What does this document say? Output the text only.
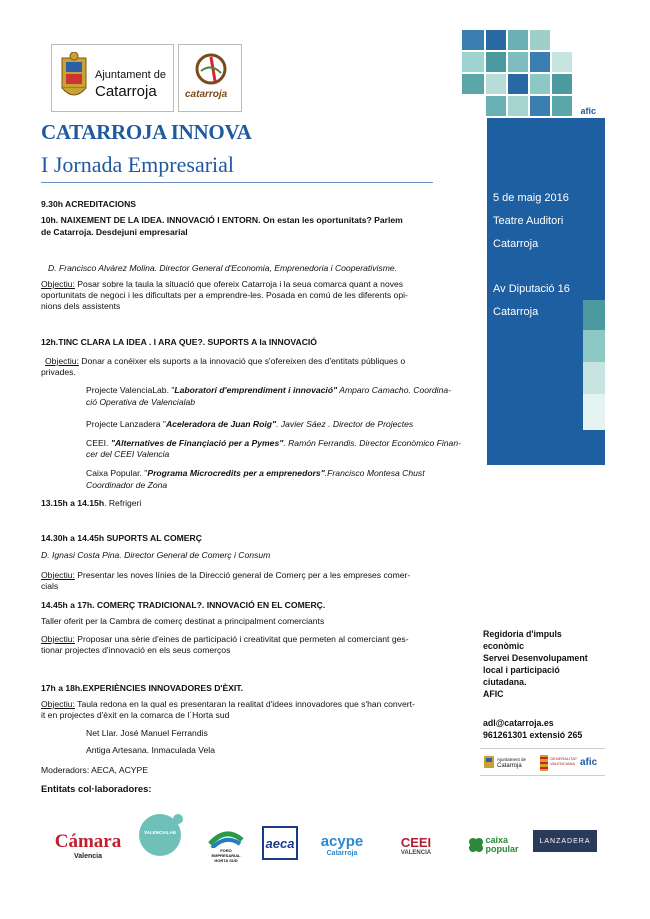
Ajuntament de
Catarroja	catarroja
afic
5 de maig 2016
Teatre Auditori
Catarroja
Av Diputació 16
Catarroja
CATARROJA INNOVA
I Jornada Empresarial
9.30h ACREDITACIONS
10h. NAIXEMENT DE LA IDEA. INNOVACIÓ I ENTORN. On estan les oportunitats? Parlem
de Catarroja. Desdejuni empresarial
D. Francisco Alvárez Molina. Director General d'Economia, Emprenedoria i Cooperativisme.
Objectiu: Posar sobre la taula la situació que ofereix Catarroja i la seua comarca quant a noves
oportunitats de negoci i les dificultats per a emprendre-les. Posada en comú de les diferents opi-
nions dels assistents
12h.TINC CLARA LA IDEA . I ARA QUE?. SUPORTS A la INNOVACIÓ
Objectiu: Donar a conéixer els suports a la innovació que s'ofereixen des d'entitats públiques o
privades.
Projecte ValenciaLab. "Laboratori d'emprendiment i innovació" Amparo Camacho. Coordina-
ció Operativa de Valencialab
Projecte Lanzadera "Aceleradora de Juan Roig". Javier Sáez . Director de Projectes
CEEI. "Alternatives de Finançiació per a Pymes". Ramón Ferrandis. Director Econòmico Finan-
cer del CEEI Valencia
Caixa Popular. "Programa Microcredits per a emprenedors".Francisco Montesa Chust
Coordinador de Zona
13.15h a 14.15h. Refrigeri
14.30h a 14.45h SUPORTS AL COMERÇ
D. Ignasi Costa Pina. Director General de Comerç i Consum
Objectiu: Presentar les noves línies de la Direcció general de Comerç per a les empreses comer-
cials
14.45h a 17h. COMERÇ TRADICIONAL?. INNOVACIÓ EN EL COMERÇ.
Taller oferit per la Cambra de comerç destinat a principalment comerciants
Objectiu: Proposar una sèrie d'eines de participació i creativitat que permeten al comerciant ges-
tionar projectes d'innovació en els seus comerços
17h a 18h.EXPERIÈNCIES INNOVADORES D'ÈXIT.
Objectiu: Taula redona en la qual es presentaran la realitat d'idees innovadores que s'han convert-
it en projectes d'èxit en la comarca de l´Horta sud
Net Llar. José Manuel Ferrandis
Antiga Artesana. Inmaculada Vela
Moderadors: AECA, ACYPE
Entitats col·laboradores:
Regidoria d'impuls
econòmic
Servei Desenvolupament
local i participació
ciutadana.
AFIC
adl@catarroja.es
961261301 extensió 265
Ajuntament de
Catarroja
GENERALITAT VALENCIANA afic
Cámara
Valencia
VALENCIALAB
FORO
EMPRESARIAL
HORTA SUD
aeca acype
Catarroja
CEEI
VALENCIA
caixa
popular
LANZADERA
